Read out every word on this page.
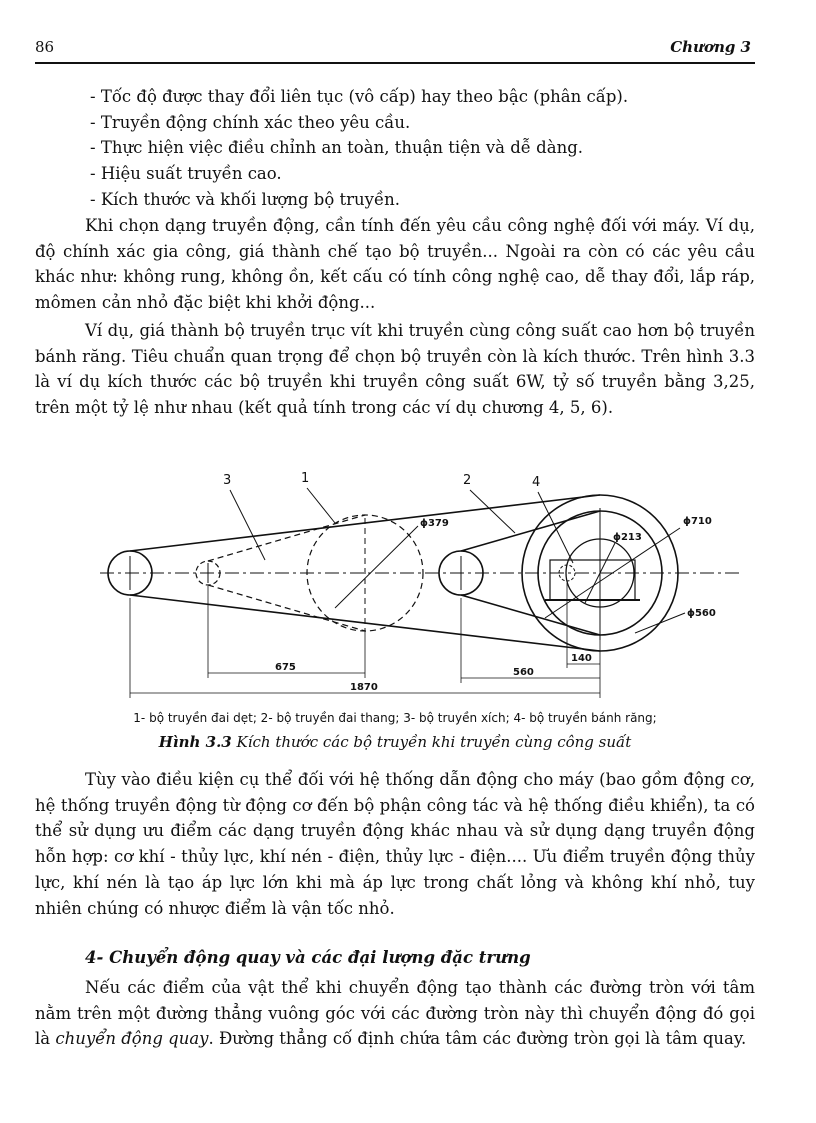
86	Chương 3
- Tốc độ được thay đổi liên tục (vô cấp) hay theo bậc (phân cấp).
- Truyền động chính xác theo yêu cầu.
- Thực hiện việc điều chỉnh an toàn, thuận tiện và dễ dàng.
- Hiệu suất truyền cao.
- Kích thước và khối lượng bộ truyền.

Khi chọn dạng truyền động, cần tính đến yêu cầu công nghệ đối với máy. Ví dụ, độ chính xác gia công, giá thành chế tạo bộ truyền... Ngoài ra còn có các yêu cầu khác như: không rung, không ồn, kết cấu có tính công nghệ cao, dễ thay đổi, lắp ráp, mômen cản nhỏ đặc biệt khi khởi động...

Ví dụ, giá thành bộ truyền trục vít khi truyền cùng công suất cao hơn bộ truyền bánh răng. Tiêu chuẩn quan trọng để chọn bộ truyền còn là kích thước. Trên hình 3.3 là ví dụ kích thước các bộ truyền khi truyền công suất 6W, tỷ số truyền bằng 3,25, trên một tỷ lệ như nhau (kết quả tính trong các ví dụ chương 4, 5, 6).

3	1	2	4
ϕ379
ϕ213
ϕ710
ϕ560
675
1870
560
140
1- bộ truyền đai dẹt; 2- bộ truyền đai thang; 3- bộ truyền xích; 4- bộ truyền bánh răng;
Hình 3.3 Kích thước các bộ truyền khi truyền cùng công suất

Tùy vào điều kiện cụ thể đối với hệ thống dẫn động cho máy (bao gồm động cơ, hệ thống truyền động từ động cơ đến bộ phận công tác và hệ thống điều khiển), ta có thể sử dụng ưu điểm các dạng truyền động khác nhau và sử dụng dạng truyền động hỗn hợp: cơ khí - thủy lực, khí nén - điện, thủy lực - điện.... Ưu điểm truyền động thủy lực, khí nén là tạo áp lực lớn khi mà áp lực trong chất lỏng và không khí nhỏ, tuy nhiên chúng có nhược điểm là vận tốc nhỏ.

4- Chuyển động quay và các đại lượng đặc trưng

Nếu các điểm của vật thể khi chuyển động tạo thành các đường tròn với tâm nằm trên một đường thẳng vuông góc với các đường tròn này thì chuyển động đó gọi là chuyển động quay. Đường thẳng cố định chứa tâm các đường tròn gọi là tâm quay.
